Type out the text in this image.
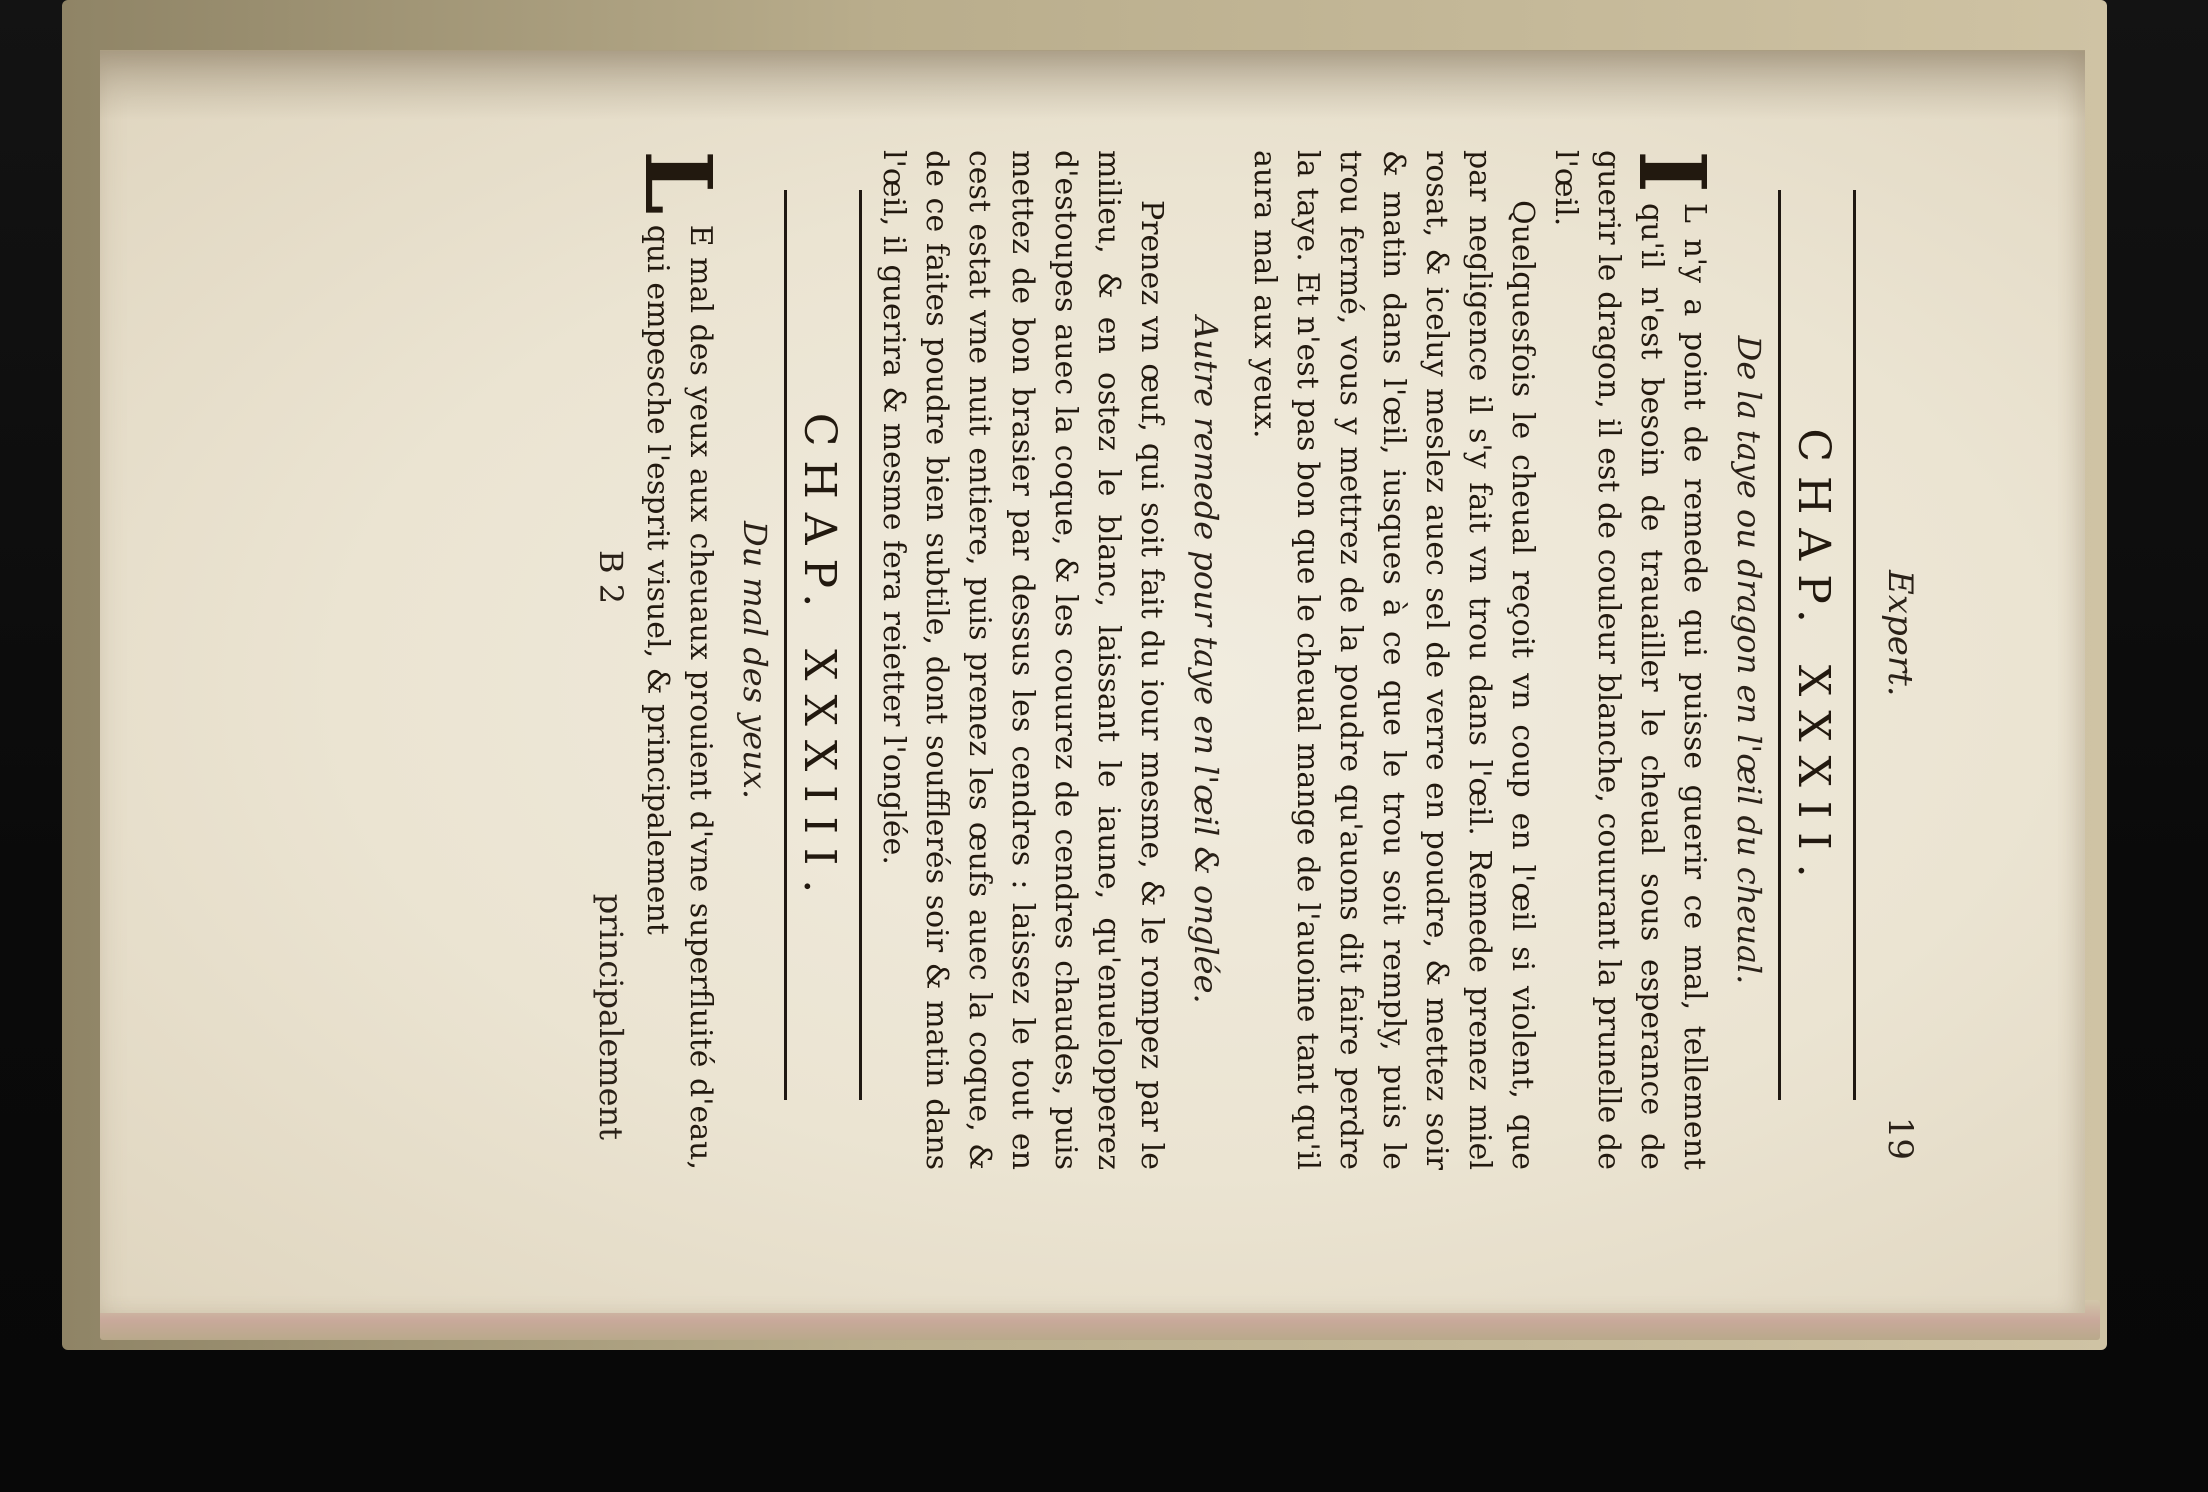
Expert.
19
CHAP. XXXII.
De la taye ou dragon en l'œil du cheual.

I
L n'y a point de remede qui puisse guerir ce mal, tellement qu'il n'est besoin de trauailler le cheual sous esperance de guerir le dragon, il est de couleur blanche, couurant la prunelle de l'œil.

Quelquesfois le cheual reçoit vn coup en l'œil si violent, que par negligence il s'y fait vn trou dans l'œil. Remede prenez miel rosat, & iceluy meslez auec sel de verre en poudre, & mettez soir & matin dans l'œil, iusques à ce que le trou soit remply, puis le trou fermé, vous y mettrez de la poudre qu'auons dit faire perdre la taye. Et n'est pas bon que le cheual mange de l'auoine tant qu'il aura mal aux yeux.

Autre remede pour taye en l'œil & onglée.

Prenez vn œuf, qui soit fait du iour mesme, & le rompez par le milieu, & en ostez le blanc, laissant le iaune, qu'enuelopperez d'estoupes auec la coque, & les couurez de cendres chaudes, puis mettez de bon brasier par dessus les cendres : laissez le tout en cest estat vne nuit entiere, puis prenez les œufs auec la coque, & de ce faites poudre bien subtile, dont soufflerés soir & matin dans l'œil, il guerira & mesme fera reietter l'onglée.

CHAP. XXXIII.
Du mal des yeux.

L
E mal des yeux aux cheuaux prouient d'vne superfluité d'eau, qui empesche l'esprit visuel, & principalement

B 2
principalement
